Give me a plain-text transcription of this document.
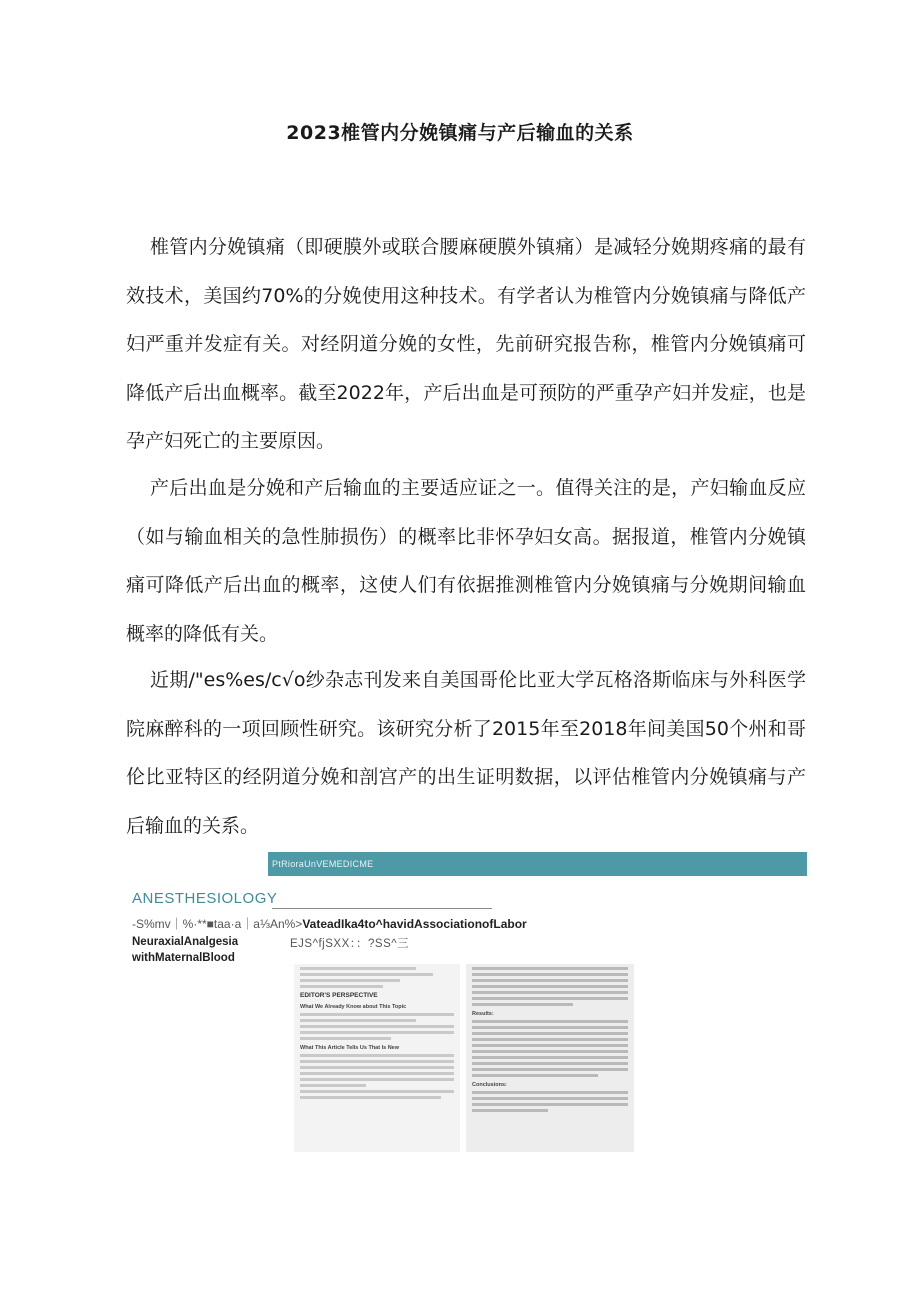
2023椎管内分娩镇痛与产后输血的关系

椎管内分娩镇痛（即硬膜外或联合腰麻硬膜外镇痛）是减轻分娩期疼痛的最有效技术，美国约70%的分娩使用这种技术。有学者认为椎管内分娩镇痛与降低产妇严重并发症有关。对经阴道分娩的女性，先前研究报告称，椎管内分娩镇痛可降低产后出血概率。截至2022年，产后出血是可预防的严重孕产妇并发症，也是孕产妇死亡的主要原因。

产后出血是分娩和产后输血的主要适应证之一。值得关注的是，产妇输血反应（如与输血相关的急性肺损伤）的概率比非怀孕妇女高。据报道，椎管内分娩镇痛可降低产后出血的概率，这使人们有依据推测椎管内分娩镇痛与分娩期间输血概率的降低有关。

近期/"es%es/c√o纱杂志刊发来自美国哥伦比亚大学瓦格洛斯临床与外科医学院麻醉科的一项回顾性研究。该研究分析了2015年至2018年间美国50个州和哥伦比亚特区的经阴道分娩和剖宫产的出生证明数据，以评估椎管内分娩镇痛与产后输血的关系。

PtRioraUnVEMEDICME
ANESTHESIOLOGY
-S%mv｜%·**■taa·a｜a⅓An%>VateadIka4to^havidAssociationofLabor
NeuraxialAnalgesia
withMaternalBlood
EJS^fjSXX：：?SS^三
EDITOR'S PERSPECTIVE
What We Already Know about This Topic
What This Article Tells Us That Is New
Results:
Conclusions:
